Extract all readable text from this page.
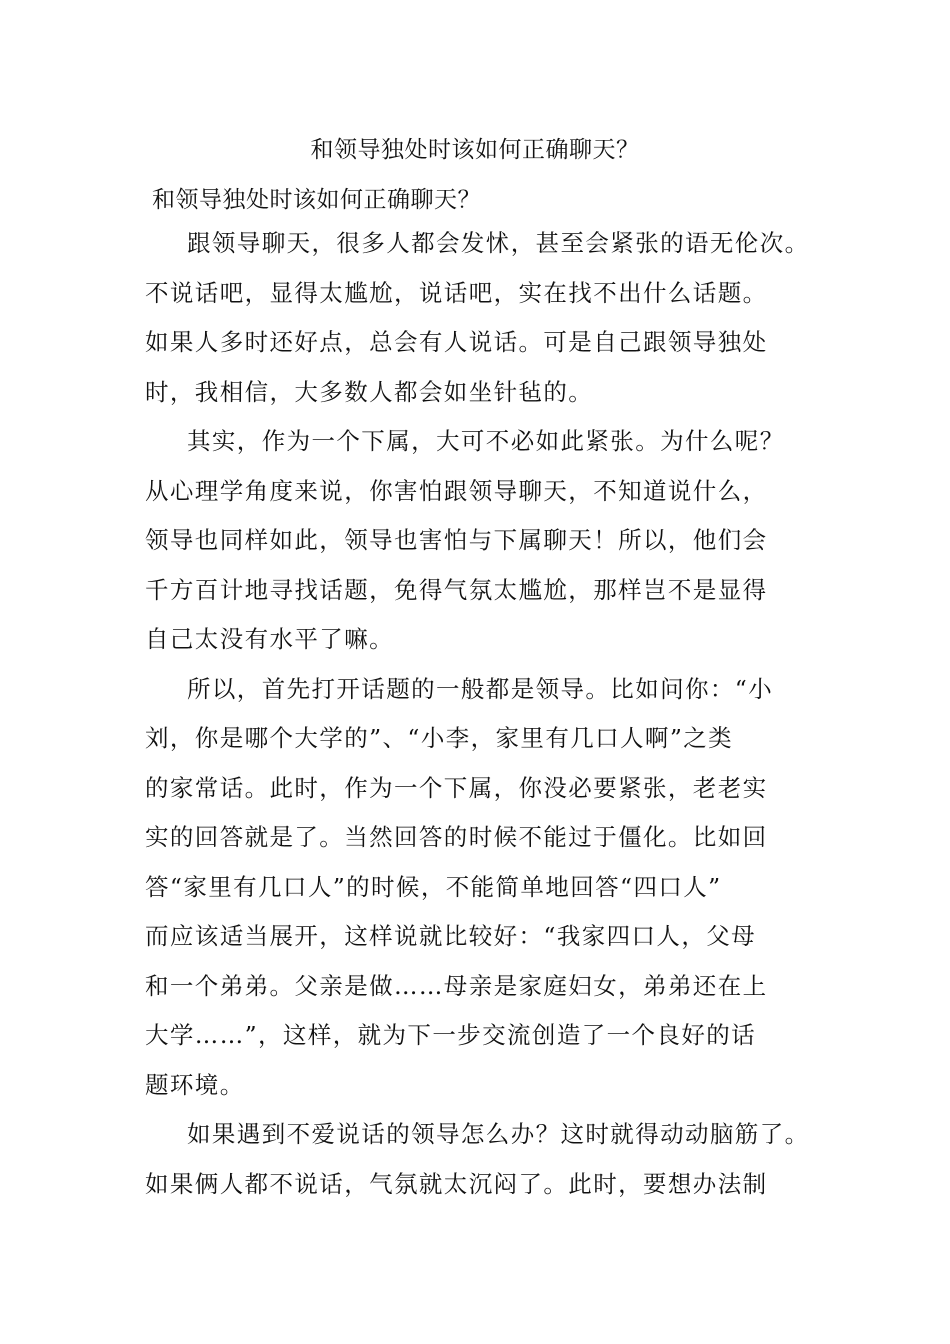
和领导独处时该如何正确聊天？
和领导独处时该如何正确聊天？
跟领导聊天，很多人都会发怵，甚至会紧张的语无伦次。
不说话吧，显得太尴尬，说话吧，实在找不出什么话题。
如果人多时还好点，总会有人说话。可是自己跟领导独处
时，我相信，大多数人都会如坐针毡的。
其实，作为一个下属，大可不必如此紧张。为什么呢？
从心理学角度来说，你害怕跟领导聊天，不知道说什么，
领导也同样如此，领导也害怕与下属聊天！所以，他们会
千方百计地寻找话题，免得气氛太尴尬，那样岂不是显得
自己太没有水平了嘛。
所以，首先打开话题的一般都是领导。比如问你：“小
刘，你是哪个大学的”、“小李，家里有几口人啊”之类
的家常话。此时，作为一个下属，你没必要紧张，老老实
实的回答就是了。当然回答的时候不能过于僵化。比如回
答“家里有几口人”的时候，不能简单地回答“四口人”
而应该适当展开，这样说就比较好：“我家四口人，父母
和一个弟弟。父亲是做……母亲是家庭妇女，弟弟还在上
大学……”，这样，就为下一步交流创造了一个良好的话
题环境。
如果遇到不爱说话的领导怎么办？这时就得动动脑筋了。
如果俩人都不说话，气氛就太沉闷了。此时，要想办法制
